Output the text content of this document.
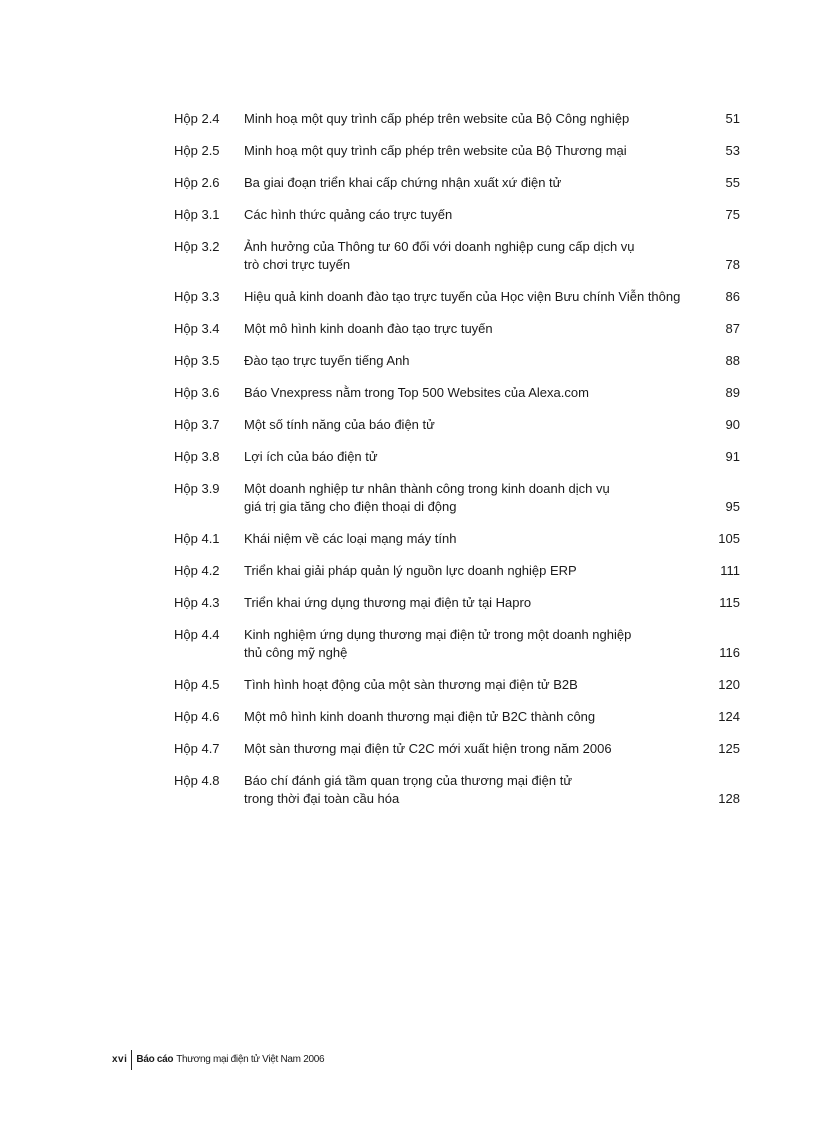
Hộp 2.4	Minh hoạ một quy trình cấp phép trên website của Bộ Công nghiệp	51
Hộp 2.5	Minh hoạ một quy trình cấp phép trên website của Bộ Thương mại	53
Hộp 2.6	Ba giai đoạn triển khai cấp chứng nhận xuất xứ điện tử	55
Hộp 3.1	Các hình thức quảng cáo trực tuyến	75
Hộp 3.2	Ảnh hưởng của Thông tư 60 đối với doanh nghiệp cung cấp dịch vụ
trò chơi trực tuyến	78
Hộp 3.3	Hiệu quả kinh doanh đào tạo trực tuyến của Học viện Bưu chính Viễn thông	86
Hộp 3.4	Một mô hình kinh doanh đào tạo trực tuyến	87
Hộp 3.5	Đào tạo trực tuyến tiếng Anh	88
Hộp 3.6	Báo Vnexpress nằm trong Top 500 Websites của Alexa.com	89
Hộp 3.7	Một số tính năng của báo điện tử	90
Hộp 3.8	Lợi ích của báo điện tử	91
Hộp 3.9	Một doanh nghiệp tư nhân thành công trong kinh doanh dịch vụ
giá trị gia tăng cho điện thoại di động	95
Hộp 4.1	Khái niệm về các loại mạng máy tính	105
Hộp 4.2	Triển khai giải pháp quản lý nguồn lực doanh nghiệp ERP	111
Hộp 4.3	Triển khai ứng dụng thương mại điện tử tại Hapro	115
Hộp 4.4	Kinh nghiệm ứng dụng thương mại điện tử trong một doanh nghiệp
thủ công mỹ nghệ	116
Hộp 4.5	Tình hình hoạt động của một sàn thương mại điện tử B2B	120
Hộp 4.6	Một mô hình kinh doanh thương mại điện tử B2C thành công	124
Hộp 4.7	Một sàn thương mại điện tử C2C mới xuất hiện trong năm 2006	125
Hộp 4.8	Báo chí đánh giá tầm quan trọng của thương mại điện tử
trong thời đại toàn cầu hóa	128
xvi Báo cáo Thương mại điện tử Việt Nam 2006
